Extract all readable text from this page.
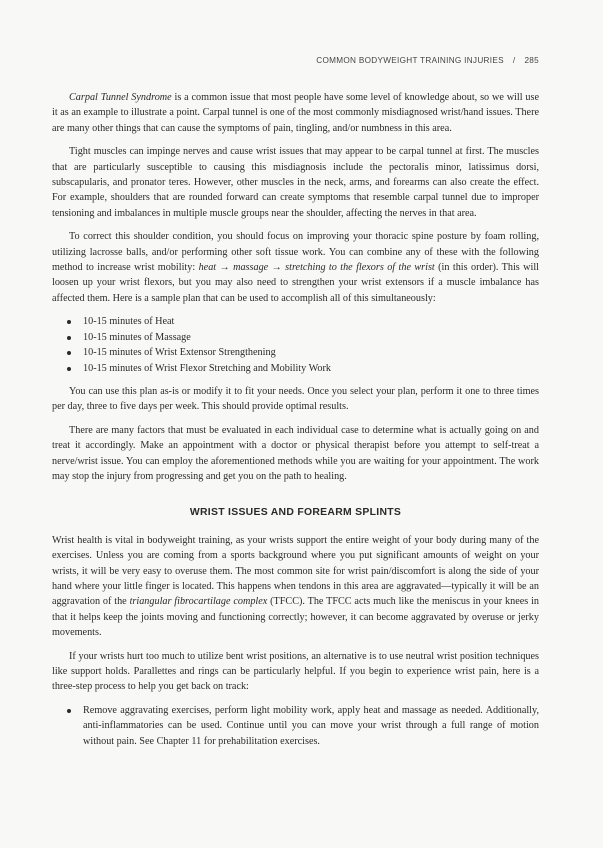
COMMON BODYWEIGHT TRAINING INJURIES / 285

Carpal Tunnel Syndrome is a common issue that most people have some level of knowledge about, so we will use it as an example to illustrate a point. Carpal tunnel is one of the most commonly misdiagnosed wrist/hand issues. There are many other things that can cause the symptoms of pain, tingling, and/or numbness in this area.

Tight muscles can impinge nerves and cause wrist issues that may appear to be carpal tunnel at first. The muscles that are particularly susceptible to causing this misdiagnosis include the pectoralis minor, latissimus dorsi, subscapularis, and pronator teres. However, other muscles in the neck, arms, and forearms can also create the effect. For example, shoulders that are rounded forward can create symptoms that resemble carpal tunnel due to improper tensioning and imbalances in multiple muscle groups near the shoulder, affecting the nerves in that area.

To correct this shoulder condition, you should focus on improving your thoracic spine posture by foam rolling, utilizing lacrosse balls, and/or performing other soft tissue work. You can combine any of these with the following method to increase wrist mobility: heat → massage → stretching to the flexors of the wrist (in this order). This will loosen up your wrist flexors, but you may also need to strengthen your wrist extensors if a muscle imbalance has affected them. Here is a sample plan that can be used to accomplish all of this simultaneously:

10-15 minutes of Heat
10-15 minutes of Massage
10-15 minutes of Wrist Extensor Strengthening
10-15 minutes of Wrist Flexor Stretching and Mobility Work

You can use this plan as-is or modify it to fit your needs. Once you select your plan, perform it one to three times per day, three to five days per week. This should provide optimal results.

There are many factors that must be evaluated in each individual case to determine what is actually going on and treat it accordingly. Make an appointment with a doctor or physical therapist before you attempt to self-treat a nerve/wrist issue. You can employ the aforementioned methods while you are waiting for your appointment. The work may stop the injury from progressing and get you on the path to healing.

WRIST ISSUES AND FOREARM SPLINTS

Wrist health is vital in bodyweight training, as your wrists support the entire weight of your body during many of the exercises. Unless you are coming from a sports background where you put significant amounts of weight on your wrists, it will be very easy to overuse them. The most common site for wrist pain/discomfort is along the side of your hand where your little finger is located. This happens when tendons in this area are aggravated—typically it will be an aggravation of the triangular fibrocartilage complex (TFCC). The TFCC acts much like the meniscus in your knees in that it helps keep the joints moving and functioning correctly; however, it can become aggravated by overuse or jerky movements.

If your wrists hurt too much to utilize bent wrist positions, an alternative is to use neutral wrist position techniques like support holds. Parallettes and rings can be particularly helpful. If you begin to experience wrist pain, here is a three-step process to help you get back on track:

Remove aggravating exercises, perform light mobility work, apply heat and massage as needed. Additionally, anti-inflammatories can be used. Continue until you can move your wrist through a full range of motion without pain. See Chapter 11 for prehabilitation exercises.
